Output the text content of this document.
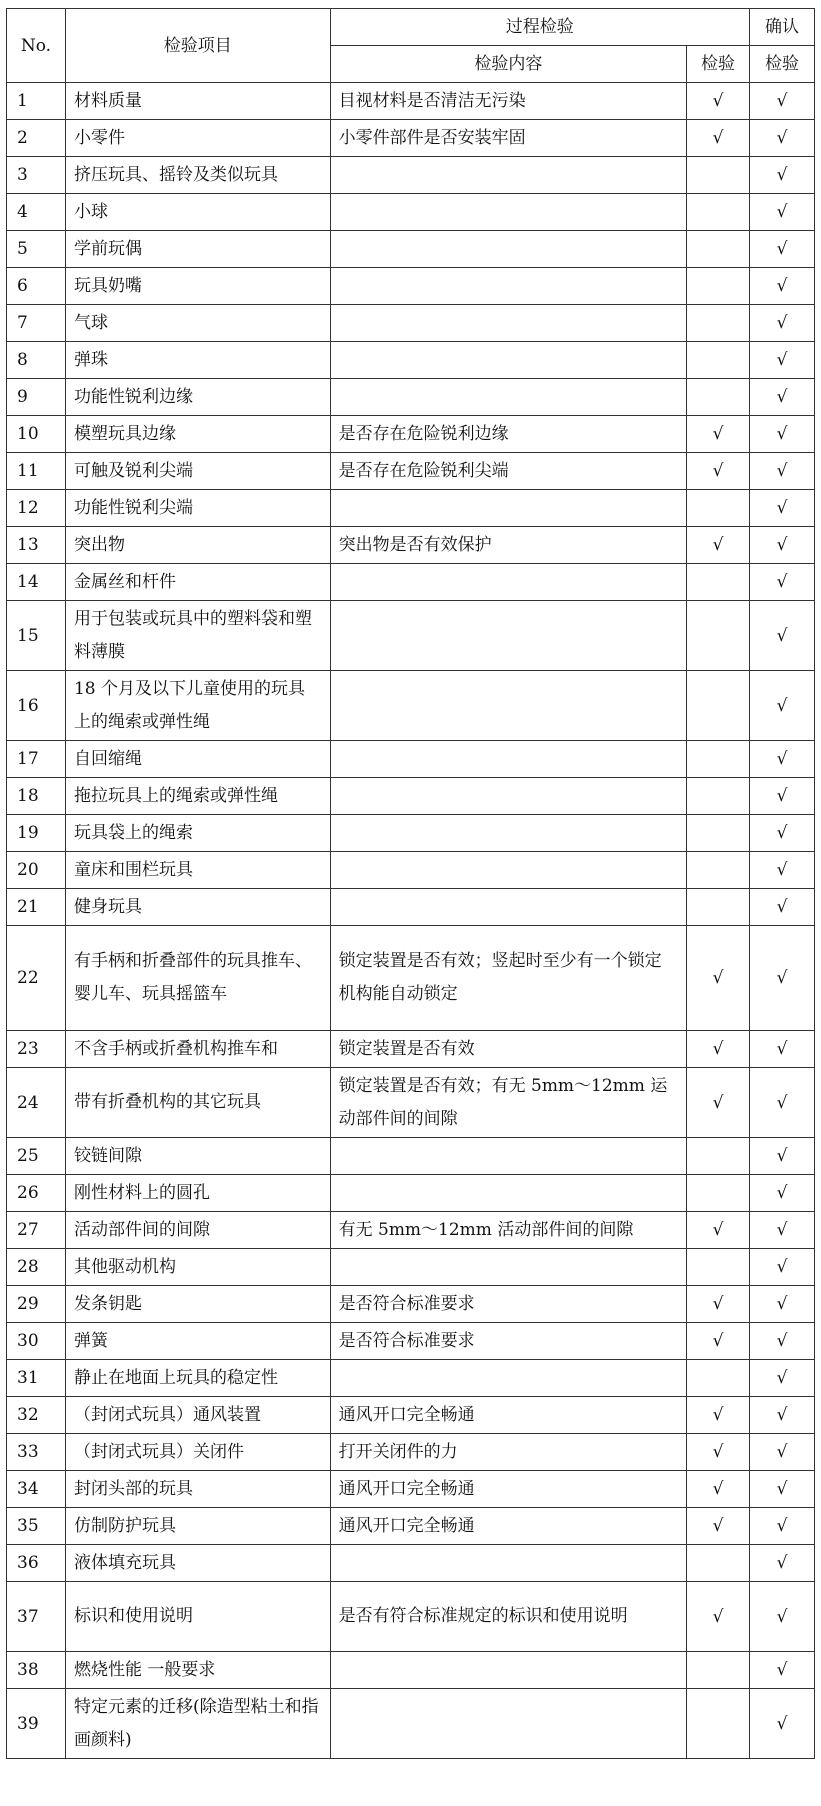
No.	检验项目	过程检验		确认
		检验内容	检验	检验
1	材料质量	目视材料是否清洁无污染	√	√
2	小零件	小零件部件是否安装牢固	√	√
3	挤压玩具、摇铃及类似玩具			√
4	小球			√
5	学前玩偶			√
6	玩具奶嘴			√
7	气球			√
8	弹珠			√
9	功能性锐利边缘			√
10	模塑玩具边缘	是否存在危险锐利边缘	√	√
11	可触及锐利尖端	是否存在危险锐利尖端	√	√
12	功能性锐利尖端			√
13	突出物	突出物是否有效保护	√	√
14	金属丝和杆件			√
15	用于包装或玩具中的塑料袋和塑料薄膜			√
16	18 个月及以下儿童使用的玩具上的绳索或弹性绳			√
17	自回缩绳			√
18	拖拉玩具上的绳索或弹性绳			√
19	玩具袋上的绳索			√
20	童床和围栏玩具			√
21	健身玩具			√
22	有手柄和折叠部件的玩具推车、婴儿车、玩具摇篮车	锁定装置是否有效；竖起时至少有一个锁定机构能自动锁定	√	√
23	不含手柄或折叠机构推车和	锁定装置是否有效	√	√
24	带有折叠机构的其它玩具	锁定装置是否有效；有无 5mm～12mm 运动部件间的间隙	√	√
25	铰链间隙			√
26	刚性材料上的圆孔			√
27	活动部件间的间隙	有无 5mm～12mm 活动部件间的间隙	√	√
28	其他驱动机构			√
29	发条钥匙	是否符合标准要求	√	√
30	弹簧	是否符合标准要求	√	√
31	静止在地面上玩具的稳定性			√
32	（封闭式玩具）通风装置	通风开口完全畅通	√	√
33	（封闭式玩具）关闭件	打开关闭件的力	√	√
34	封闭头部的玩具	通风开口完全畅通	√	√
35	仿制防护玩具	通风开口完全畅通	√	√
36	液体填充玩具			√
37	标识和使用说明	是否有符合标准规定的标识和使用说明	√	√
38	燃烧性能 一般要求			√
39	特定元素的迁移(除造型粘土和指画颜料)			√
